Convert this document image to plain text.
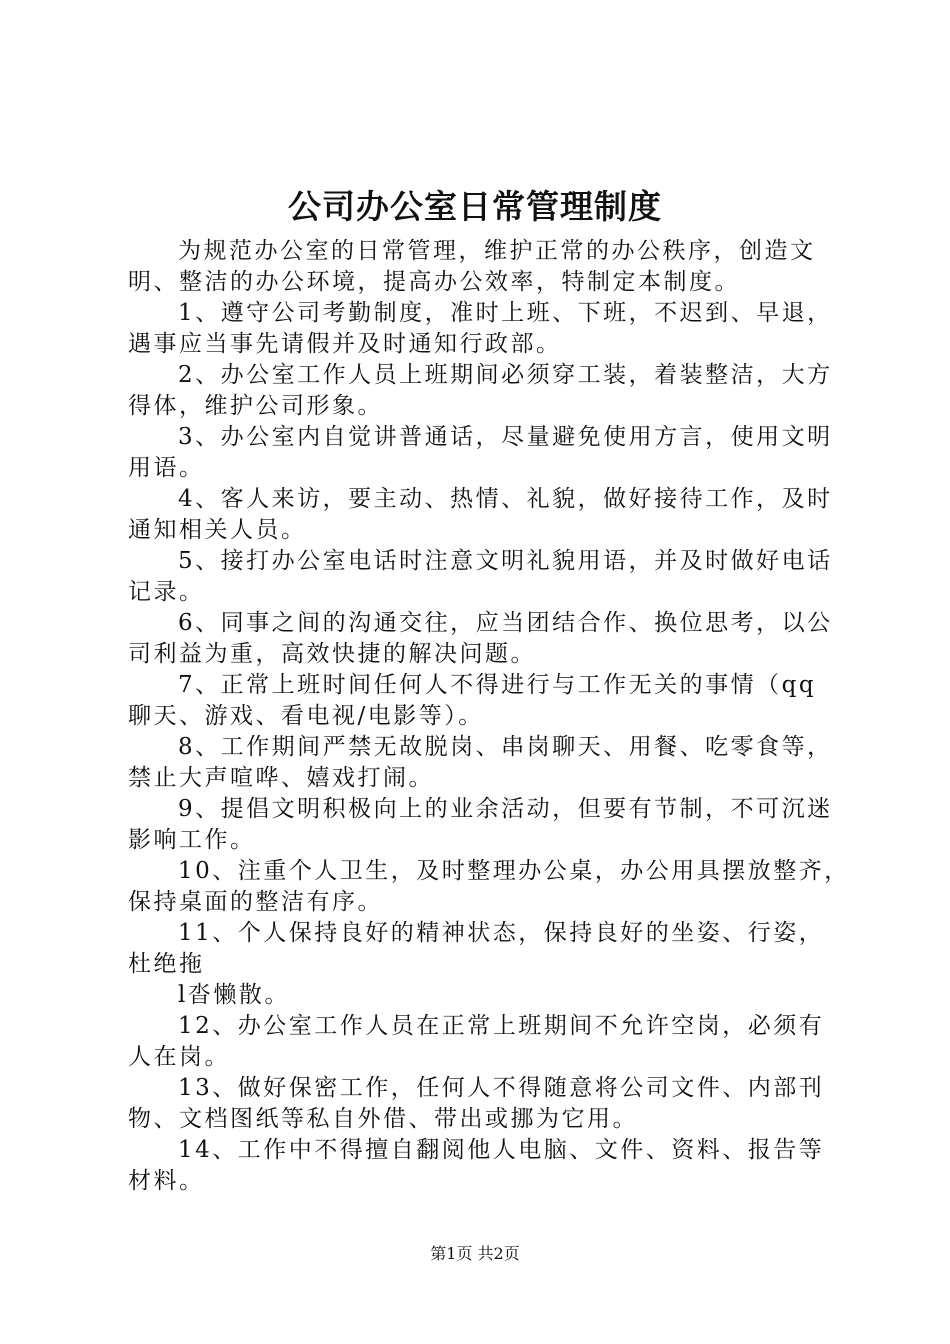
公司办公室日常管理制度
为规范办公室的日常管理，维护正常的办公秩序，创造文
明、整洁的办公环境，提高办公效率，特制定本制度。
1、遵守公司考勤制度，准时上班、下班，不迟到、早退，
遇事应当事先请假并及时通知行政部。
2、办公室工作人员上班期间必须穿工装，着装整洁，大方
得体，维护公司形象。
3、办公室内自觉讲普通话，尽量避免使用方言，使用文明
用语。
4、客人来访，要主动、热情、礼貌，做好接待工作，及时
通知相关人员。
5、接打办公室电话时注意文明礼貌用语，并及时做好电话
记录。
6、同事之间的沟通交往，应当团结合作、换位思考，以公
司利益为重，高效快捷的解决问题。
7、正常上班时间任何人不得进行与工作无关的事情（qq
聊天、游戏、看电视/电影等）。
8、工作期间严禁无故脱岗、串岗聊天、用餐、吃零食等，
禁止大声喧哗、嬉戏打闹。
9、提倡文明积极向上的业余活动，但要有节制，不可沉迷
影响工作。
10、注重个人卫生，及时整理办公桌，办公用具摆放整齐，
保持桌面的整洁有序。
11、个人保持良好的精神状态，保持良好的坐姿、行姿，
杜绝拖
l沓懒散。
12、办公室工作人员在正常上班期间不允许空岗，必须有
人在岗。
13、做好保密工作，任何人不得随意将公司文件、内部刊
物、文档图纸等私自外借、带出或挪为它用。
14、工作中不得擅自翻阅他人电脑、文件、资料、报告等
材料。
第1页 共2页
